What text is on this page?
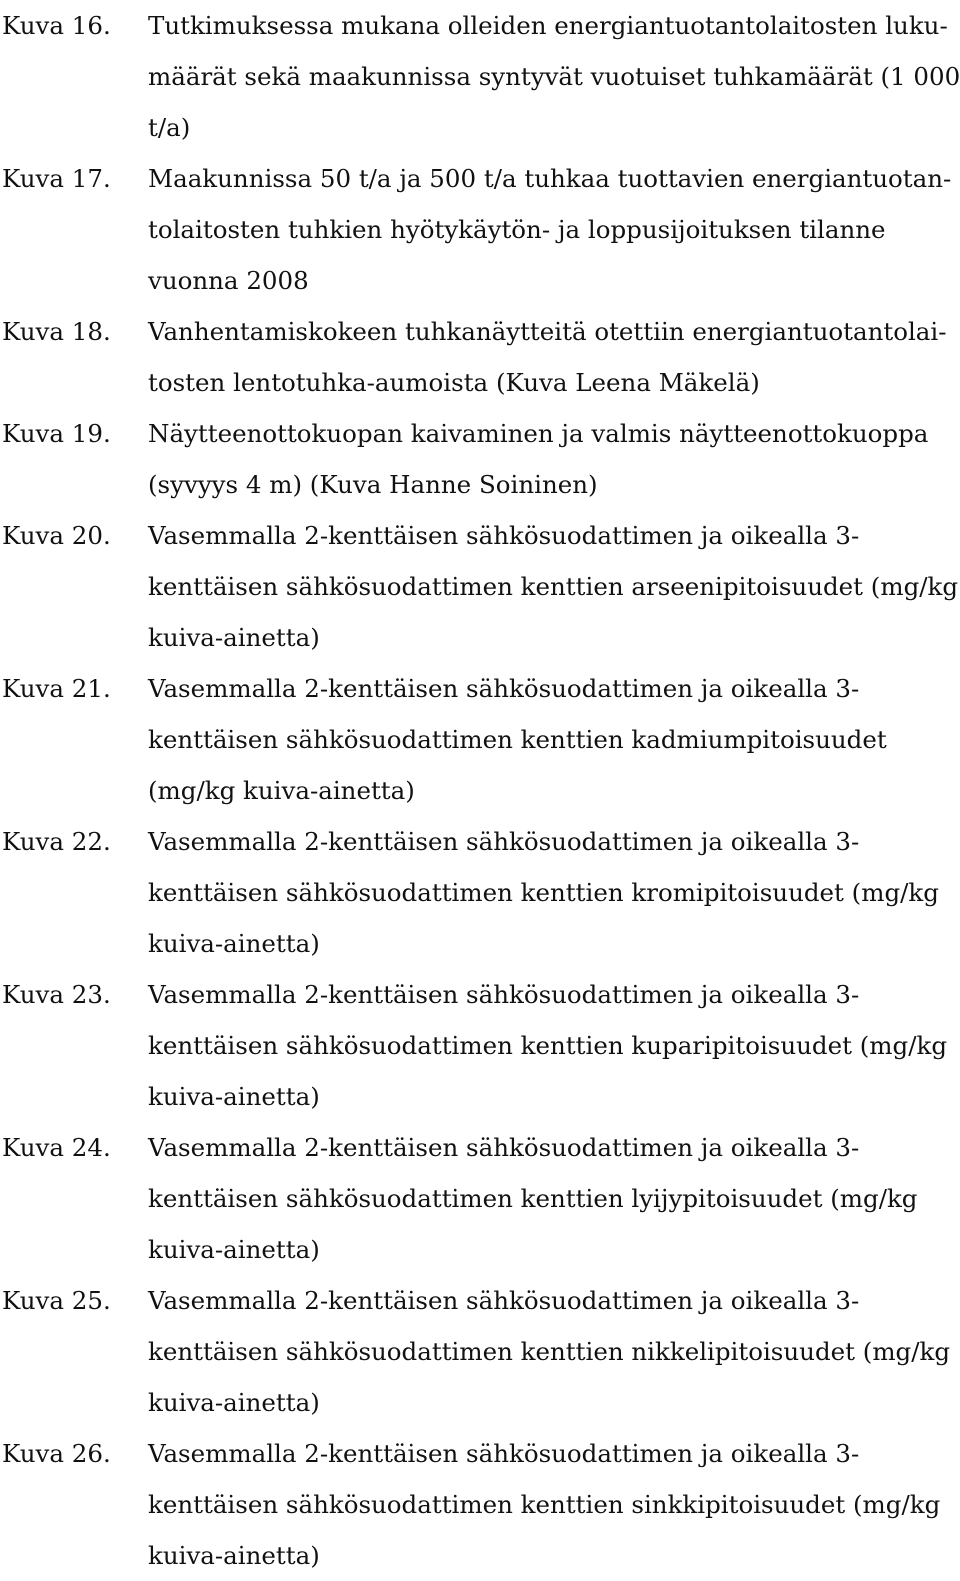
Kuva 16.	Tutkimuksessa mukana olleiden energiantuotantolaitosten luku-
määrät sekä maakunnissa syntyvät vuotuiset tuhkamäärät (1 000
t/a)
Kuva 17.	Maakunnissa 50 t/a ja 500 t/a tuhkaa tuottavien energiantuotan-
tolaitosten tuhkien hyötykäytön- ja loppusijoituksen tilanne
vuonna 2008
Kuva 18.	Vanhentamiskokeen tuhkanäytteitä otettiin energiantuotantolai-
tosten lentotuhka-aumoista (Kuva Leena Mäkelä)
Kuva 19.	Näytteenottokuopan kaivaminen ja valmis näytteenottokuoppa
(syvyys 4 m) (Kuva Hanne Soininen)
Kuva 20.	Vasemmalla 2-kenttäisen sähkösuodattimen ja oikealla 3-
kenttäisen sähkösuodattimen kenttien arseenipitoisuudet (mg/kg
kuiva-ainetta)
Kuva 21.	Vasemmalla 2-kenttäisen sähkösuodattimen ja oikealla 3-
kenttäisen sähkösuodattimen kenttien kadmiumpitoisuudet
(mg/kg kuiva-ainetta)
Kuva 22.	Vasemmalla 2-kenttäisen sähkösuodattimen ja oikealla 3-
kenttäisen sähkösuodattimen kenttien kromipitoisuudet (mg/kg
kuiva-ainetta)
Kuva 23.	Vasemmalla 2-kenttäisen sähkösuodattimen ja oikealla 3-
kenttäisen sähkösuodattimen kenttien kuparipitoisuudet (mg/kg
kuiva-ainetta)
Kuva 24.	Vasemmalla 2-kenttäisen sähkösuodattimen ja oikealla 3-
kenttäisen sähkösuodattimen kenttien lyijypitoisuudet (mg/kg
kuiva-ainetta)
Kuva 25.	Vasemmalla 2-kenttäisen sähkösuodattimen ja oikealla 3-
kenttäisen sähkösuodattimen kenttien nikkelipitoisuudet (mg/kg
kuiva-ainetta)
Kuva 26.	Vasemmalla 2-kenttäisen sähkösuodattimen ja oikealla 3-
kenttäisen sähkösuodattimen kenttien sinkkipitoisuudet (mg/kg
kuiva-ainetta)
